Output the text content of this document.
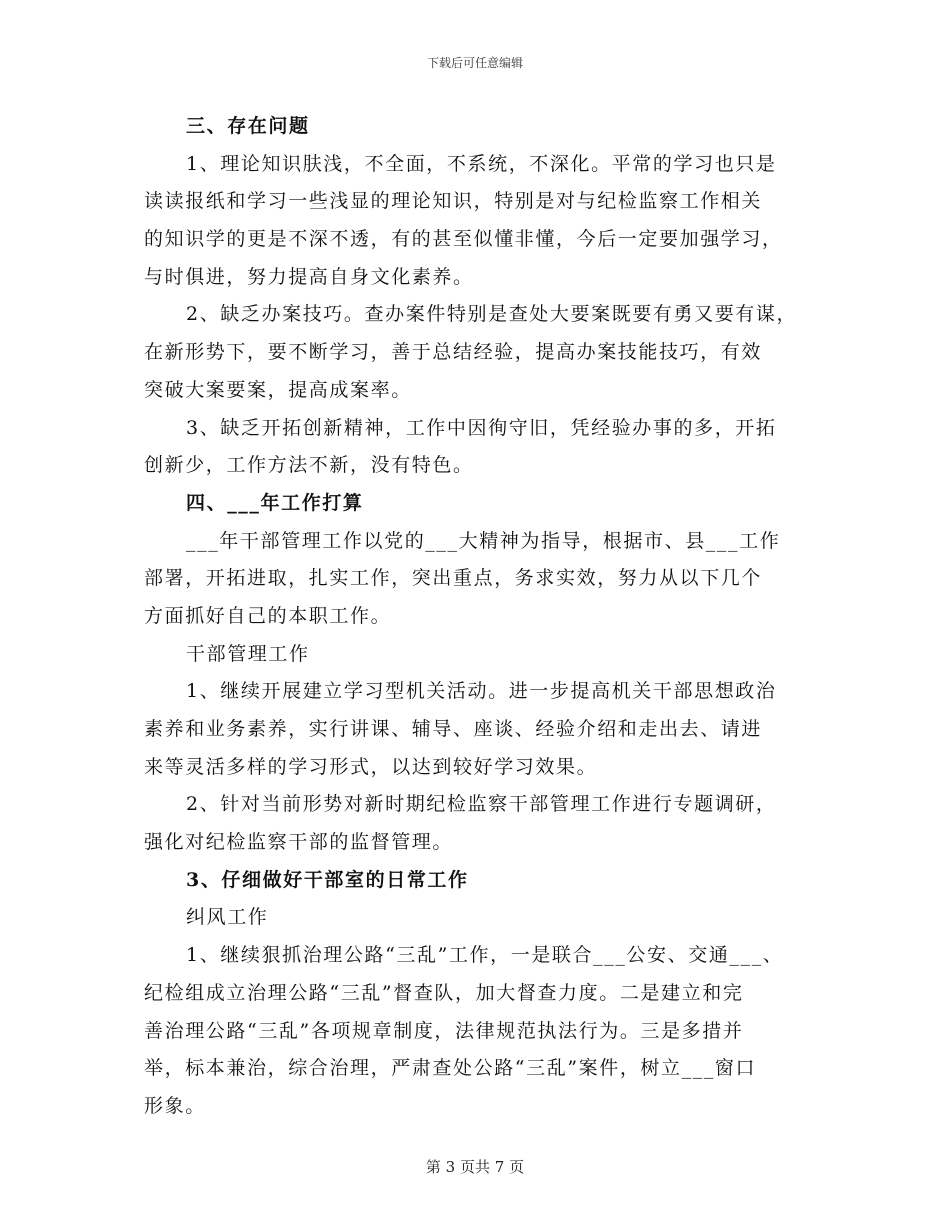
下载后可任意编辑
三、存在问题
1、理论知识肤浅，不全面，不系统，不深化。平常的学习也只是
读读报纸和学习一些浅显的理论知识，特别是对与纪检监察工作相关
的知识学的更是不深不透，有的甚至似懂非懂，今后一定要加强学习，
与时俱进，努力提高自身文化素养。
2、缺乏办案技巧。查办案件特别是查处大要案既要有勇又要有谋，
在新形势下，要不断学习，善于总结经验，提高办案技能技巧，有效
突破大案要案，提高成案率。
3、缺乏开拓创新精神，工作中因徇守旧，凭经验办事的多，开拓
创新少，工作方法不新，没有特色。
四、___年工作打算
___年干部管理工作以党的___大精神为指导，根据市、县___工作
部署，开拓进取，扎实工作，突出重点，务求实效，努力从以下几个
方面抓好自己的本职工作。
干部管理工作
1、继续开展建立学习型机关活动。进一步提高机关干部思想政治
素养和业务素养，实行讲课、辅导、座谈、经验介绍和走出去、请进
来等灵活多样的学习形式，以达到较好学习效果。
2、针对当前形势对新时期纪检监察干部管理工作进行专题调研，
强化对纪检监察干部的监督管理。
3、仔细做好干部室的日常工作
纠风工作
1、继续狠抓治理公路“三乱”工作，一是联合___公安、交通___、
纪检组成立治理公路“三乱”督查队，加大督查力度。二是建立和完
善治理公路“三乱”各项规章制度，法律规范执法行为。三是多措并
举，标本兼治，综合治理，严肃查处公路“三乱”案件，树立___窗口
形象。
第 3 页共 7 页
